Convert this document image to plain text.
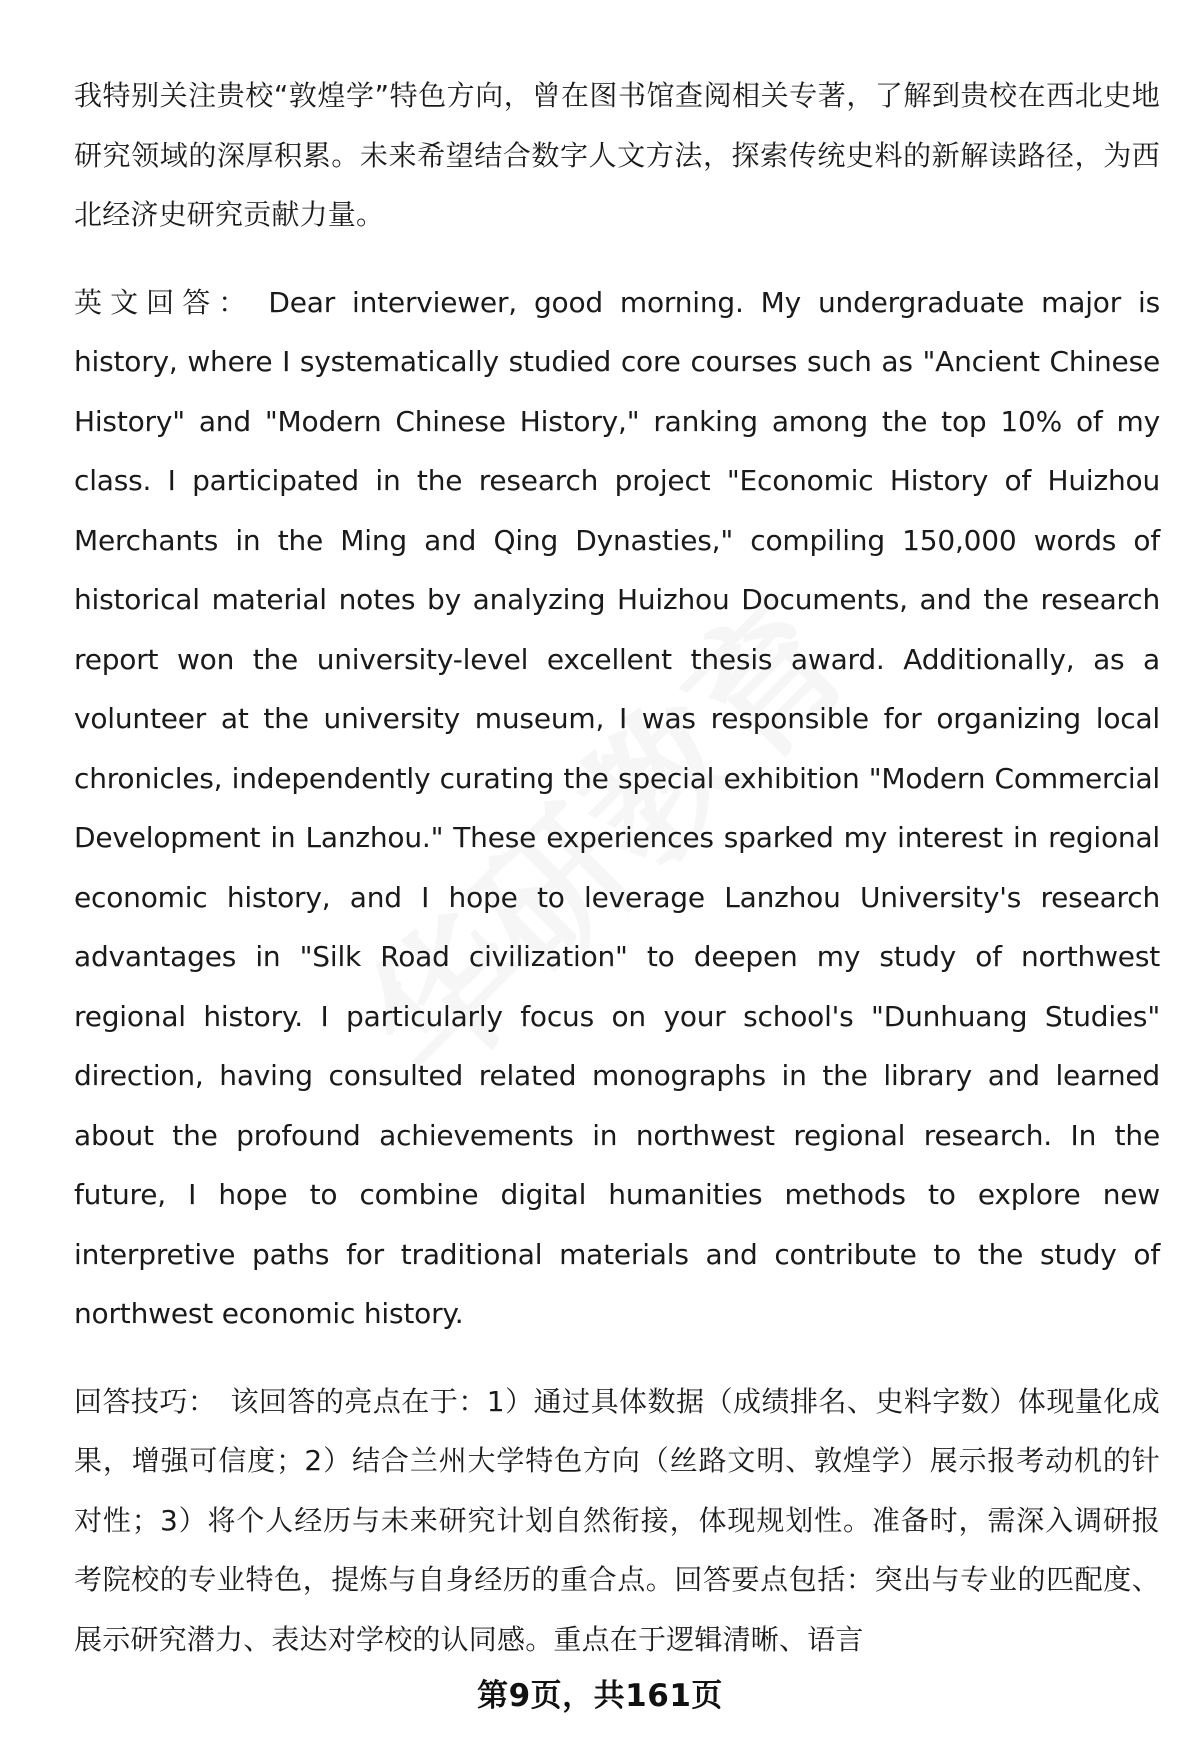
我特别关注贵校“敦煌学”特色方向，曾在图书馆查阅相关专著，了解到贵校在西北史地研究领域的深厚积累。未来希望结合数字人文方法，探索传统史料的新解读路径，为西北经济史研究贡献力量。

英文回答： Dear interviewer, good morning. My undergraduate major is history, where I systematically studied core courses such as "Ancient Chinese History" and "Modern Chinese History," ranking among the top 10% of my class. I participated in the research project "Economic History of Huizhou Merchants in the Ming and Qing Dynasties," compiling 150,000 words of historical material notes by analyzing Huizhou Documents, and the research report won the university-level excellent thesis award. Additionally, as a volunteer at the university museum, I was responsible for organizing local chronicles, independently curating the special exhibition "Modern Commercial Development in Lanzhou." These experiences sparked my interest in regional economic history, and I hope to leverage Lanzhou University's research advantages in "Silk Road civilization" to deepen my study of northwest regional history. I particularly focus on your school's "Dunhuang Studies" direction, having consulted related monographs in the library and learned about the profound achievements in northwest regional research. In the future, I hope to combine digital humanities methods to explore new interpretive paths for traditional materials and contribute to the study of northwest economic history.

回答技巧： 该回答的亮点在于：1）通过具体数据（成绩排名、史料字数）体现量化成果，增强可信度；2）结合兰州大学特色方向（丝路文明、敦煌学）展示报考动机的针对性；3）将个人经历与未来研究计划自然衔接，体现规划性。准备时，需深入调研报考院校的专业特色，提炼与自身经历的重合点。回答要点包括：突出与专业的匹配度、展示研究潜力、表达对学校的认同感。重点在于逻辑清晰、语言

第9页，共161页
